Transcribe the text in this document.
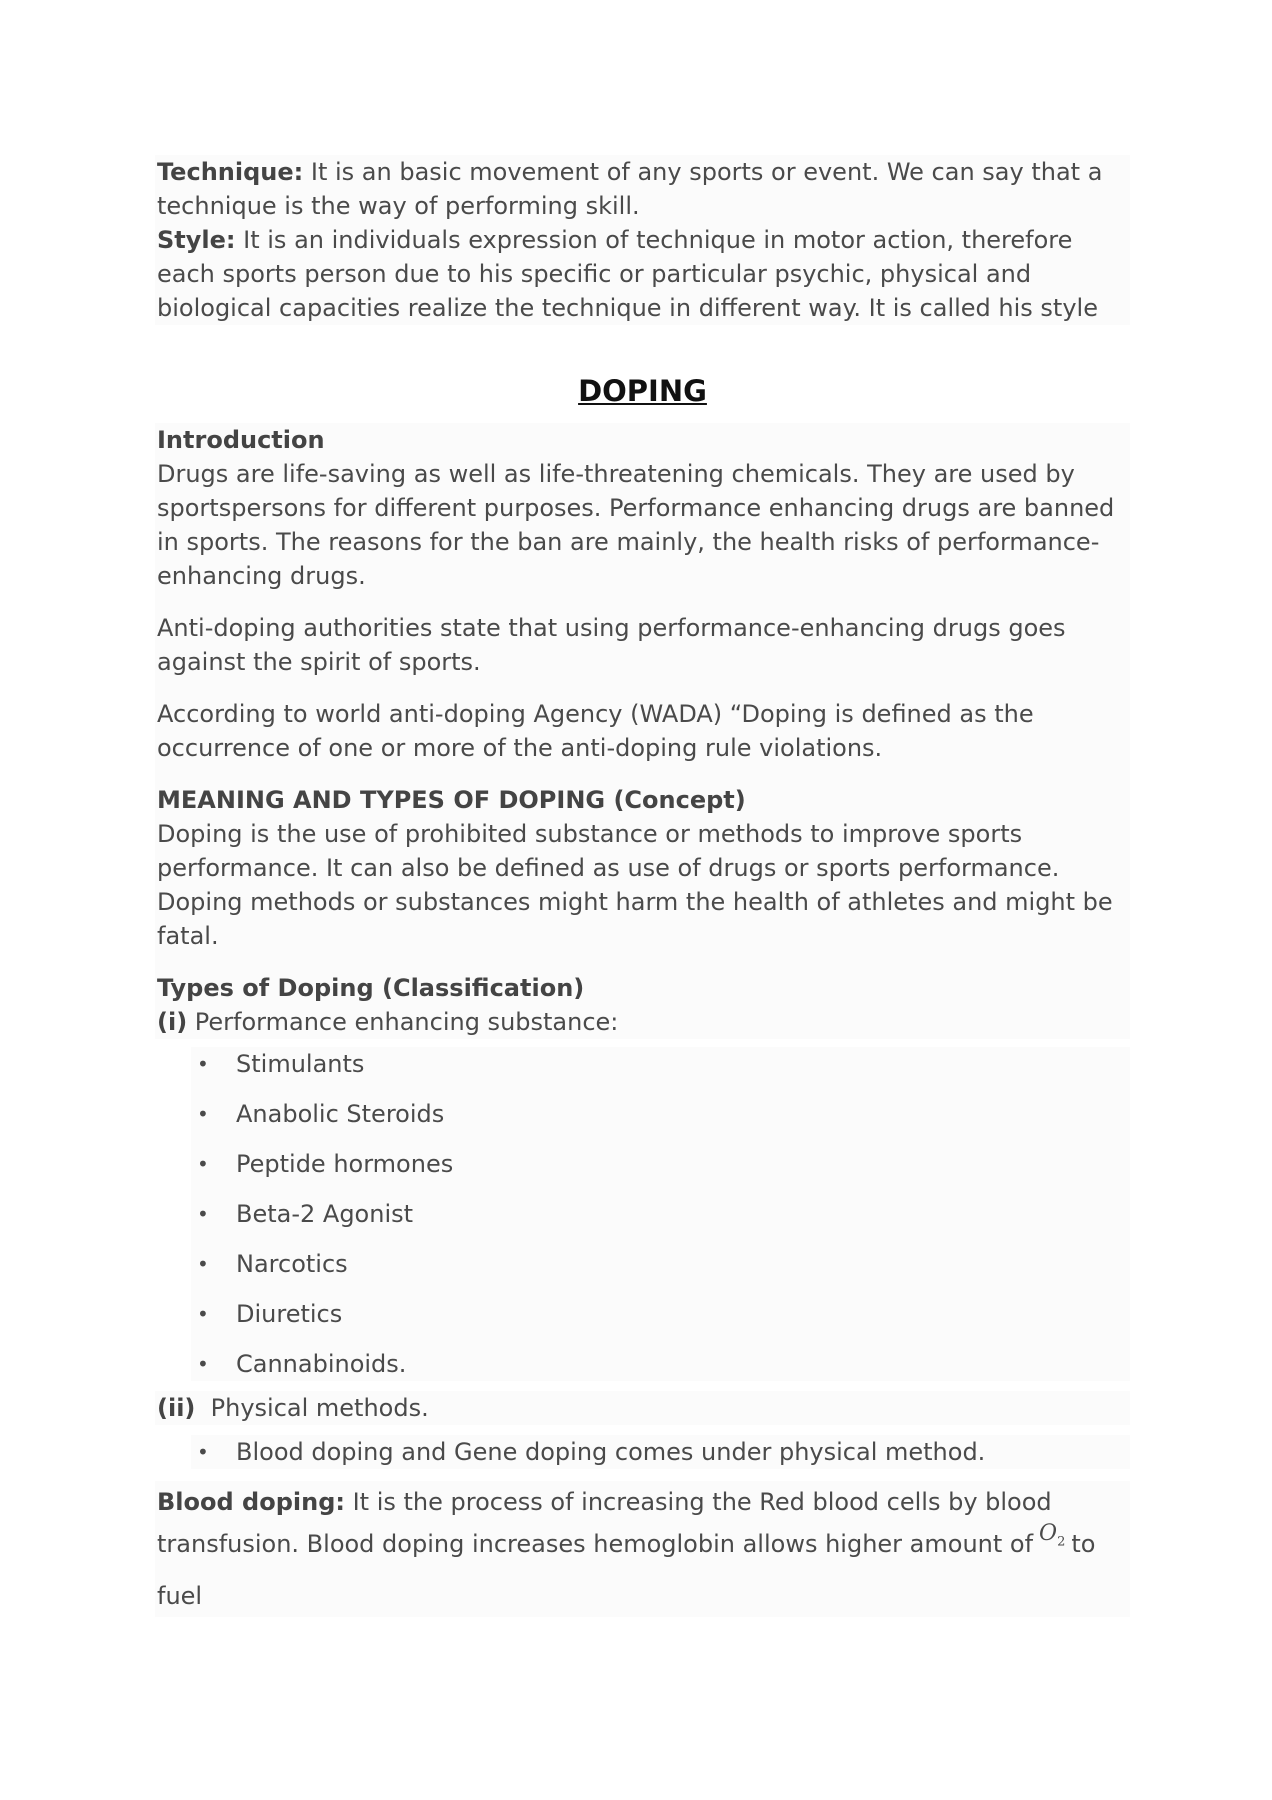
Technique: It is an basic movement of any sports or event. We can say that a technique is the way of performing skill.

Style: It is an individuals expression of technique in motor action, therefore each sports person due to his specific or particular psychic, physical and biological capacities realize the technique in different way. It is called his style

DOPING

Introduction

Drugs are life-saving as well as life-threatening chemicals. They are used by sportspersons for different purposes. Performance enhancing drugs are banned in sports. The reasons for the ban are mainly, the health risks of performance-enhancing drugs.

Anti-doping authorities state that using performance-enhancing drugs goes against the spirit of sports.

According to world anti-doping Agency (WADA) “Doping is defined as the occurrence of one or more of the anti-doping rule violations.

MEANING AND TYPES OF DOPING (Concept)

Doping is the use of prohibited substance or methods to improve sports performance. It can also be defined as use of drugs or sports performance. Doping methods or substances might harm the health of athletes and might be fatal.

Types of Doping (Classification)

(i) Performance enhancing substance:

• Stimulants
• Anabolic Steroids
• Peptide hormones
• Beta-2 Agonist
• Narcotics
• Diuretics
• Cannabinoids.

(ii)  Physical methods.

• Blood doping and Gene doping comes under physical method.

Blood doping: It is the process of increasing the Red blood cells by blood transfusion. Blood doping increases hemoglobin allows higher amount of $O_2$ to fuel
